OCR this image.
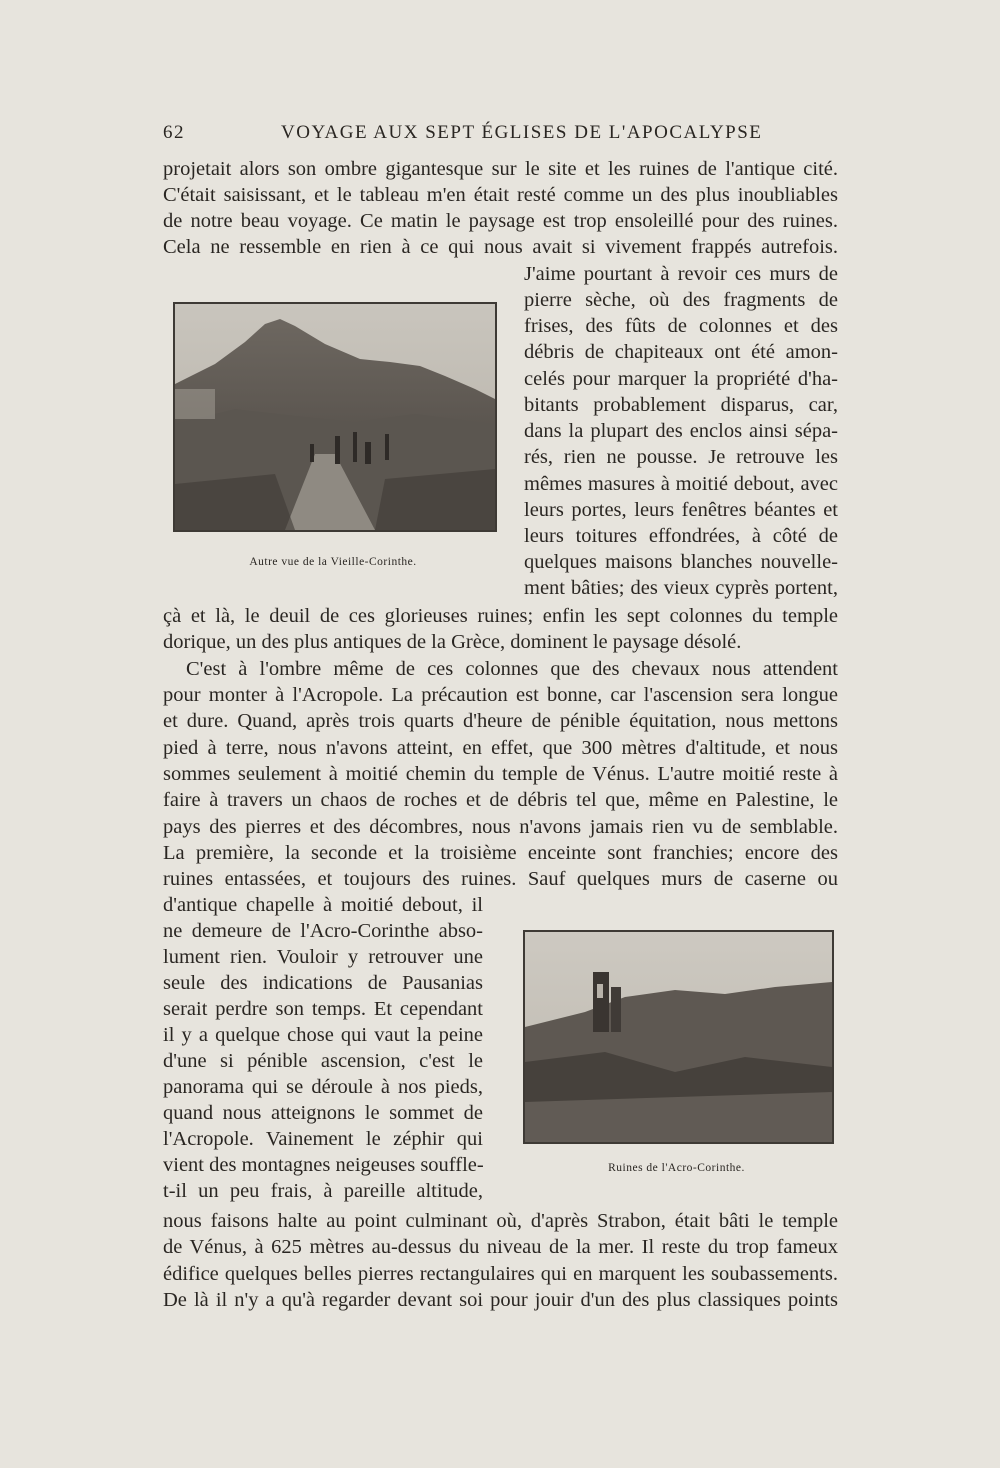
62	VOYAGE AUX SEPT ÉGLISES DE L'APOCALYPSE
Autre vue de la Vieille-Corinthe.
Ruines de l'Acro-Corinthe.
projetait alors son ombre gigantesque sur le site et les ruines de l'antique cité.
C'était saisissant, et le tableau m'en était resté comme un des plus inoubliables
de notre beau voyage. Ce matin le paysage est trop ensoleillé pour des ruines.
Cela ne ressemble en rien à ce qui nous avait si vivement frappés autrefois.
J'aime pourtant à revoir ces murs de
pierre sèche, où des fragments de
frises, des fûts de colonnes et des
débris de chapiteaux ont été amon-
celés pour marquer la propriété d'ha-
bitants probablement disparus, car,
dans la plupart des enclos ainsi sépa-
rés, rien ne pousse. Je retrouve les
mêmes masures à moitié debout, avec
leurs portes, leurs fenêtres béantes et
leurs toitures effondrées, à côté de
quelques maisons blanches nouvelle-
ment bâties; des vieux cyprès portent,
çà et là, le deuil de ces glorieuses ruines; enfin les sept colonnes du temple
dorique, un des plus antiques de la Grèce, dominent le paysage désolé.
C'est à l'ombre même de ces colonnes que des chevaux nous attendent
pour monter à l'Acropole. La précaution est bonne, car l'ascension sera longue
et dure. Quand, après trois quarts d'heure de pénible équitation, nous mettons
pied à terre, nous n'avons atteint, en effet, que 300 mètres d'altitude, et nous
sommes seulement à moitié chemin du temple de Vénus. L'autre moitié reste à
faire à travers un chaos de roches et de débris tel que, même en Palestine, le
pays des pierres et des décombres, nous n'avons jamais rien vu de semblable.
La première, la seconde et la troisième enceinte sont franchies; encore des
ruines entassées, et toujours des ruines. Sauf quelques murs de caserne ou
d'antique chapelle à moitié debout, il
ne demeure de l'Acro-Corinthe abso-
lument rien. Vouloir y retrouver une
seule des indications de Pausanias
serait perdre son temps. Et cependant
il y a quelque chose qui vaut la peine
d'une si pénible ascension, c'est le
panorama qui se déroule à nos pieds,
quand nous atteignons le sommet de
l'Acropole. Vainement le zéphir qui
vient des montagnes neigeuses souffle-
t-il un peu frais, à pareille altitude,
nous faisons halte au point culminant où, d'après Strabon, était bâti le temple
de Vénus, à 625 mètres au-dessus du niveau de la mer. Il reste du trop fameux
édifice quelques belles pierres rectangulaires qui en marquent les soubassements.
De là il n'y a qu'à regarder devant soi pour jouir d'un des plus classiques points
